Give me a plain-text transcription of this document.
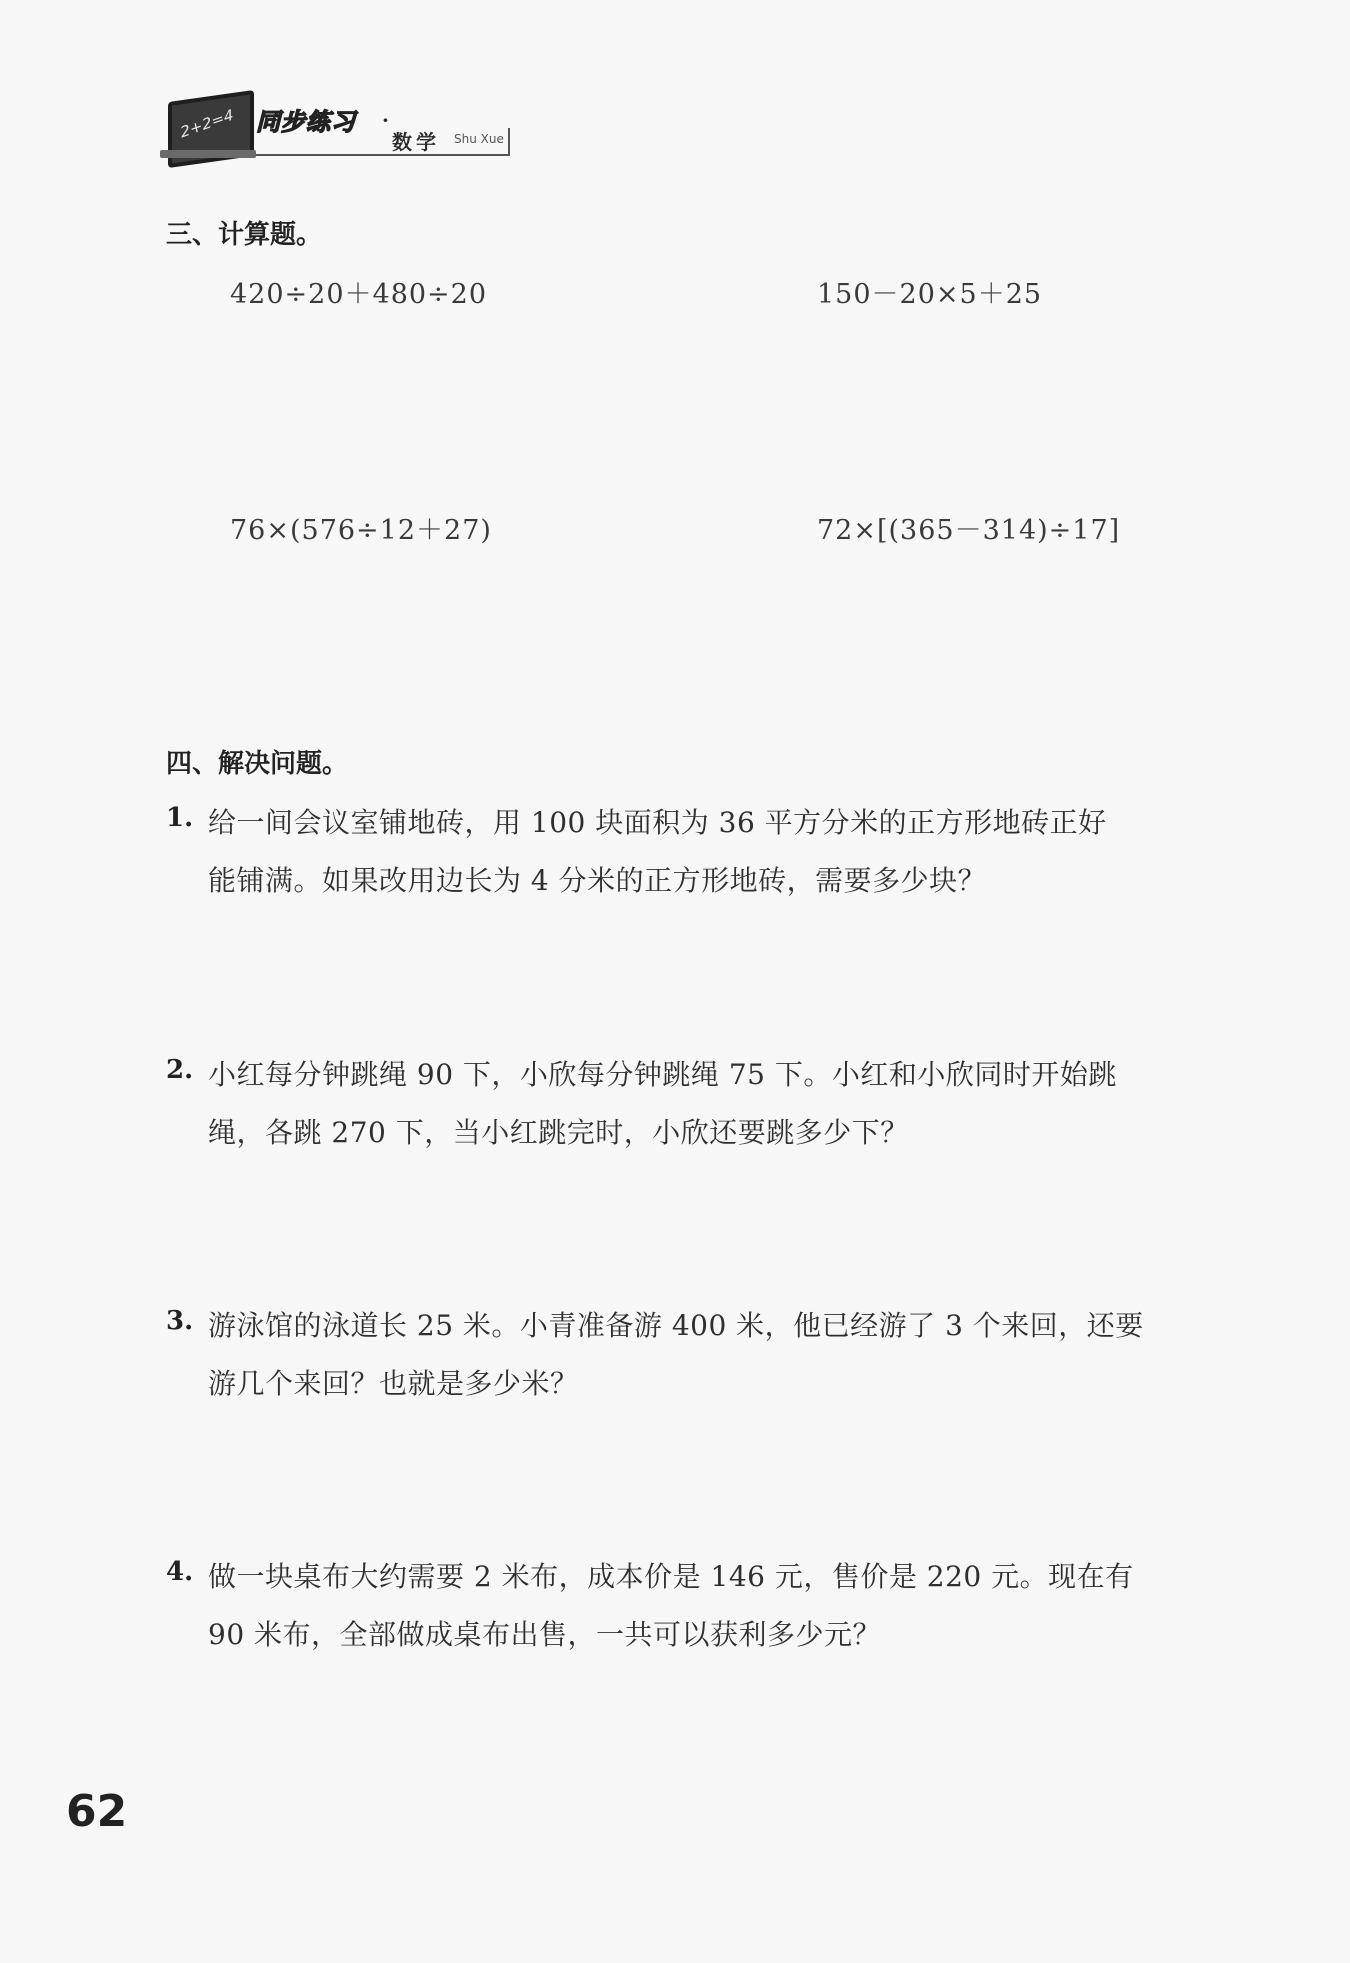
2+2=4 同步练习 ·
数学 Shu Xue
三、计算题。
420÷20＋480÷20	150－20×5＋25
76×(576÷12＋27)	72×[(365－314)÷17]
四、解决问题。
1. 给一间会议室铺地砖，用 100 块面积为 36 平方分米的正方形地砖正好
能铺满。如果改用边长为 4 分米的正方形地砖，需要多少块？
2. 小红每分钟跳绳 90 下，小欣每分钟跳绳 75 下。小红和小欣同时开始跳
绳，各跳 270 下，当小红跳完时，小欣还要跳多少下？
3. 游泳馆的泳道长 25 米。小青准备游 400 米，他已经游了 3 个来回，还要
游几个来回？也就是多少米？
4. 做一块桌布大约需要 2 米布，成本价是 146 元，售价是 220 元。现在有
90 米布，全部做成桌布出售，一共可以获利多少元？
62
